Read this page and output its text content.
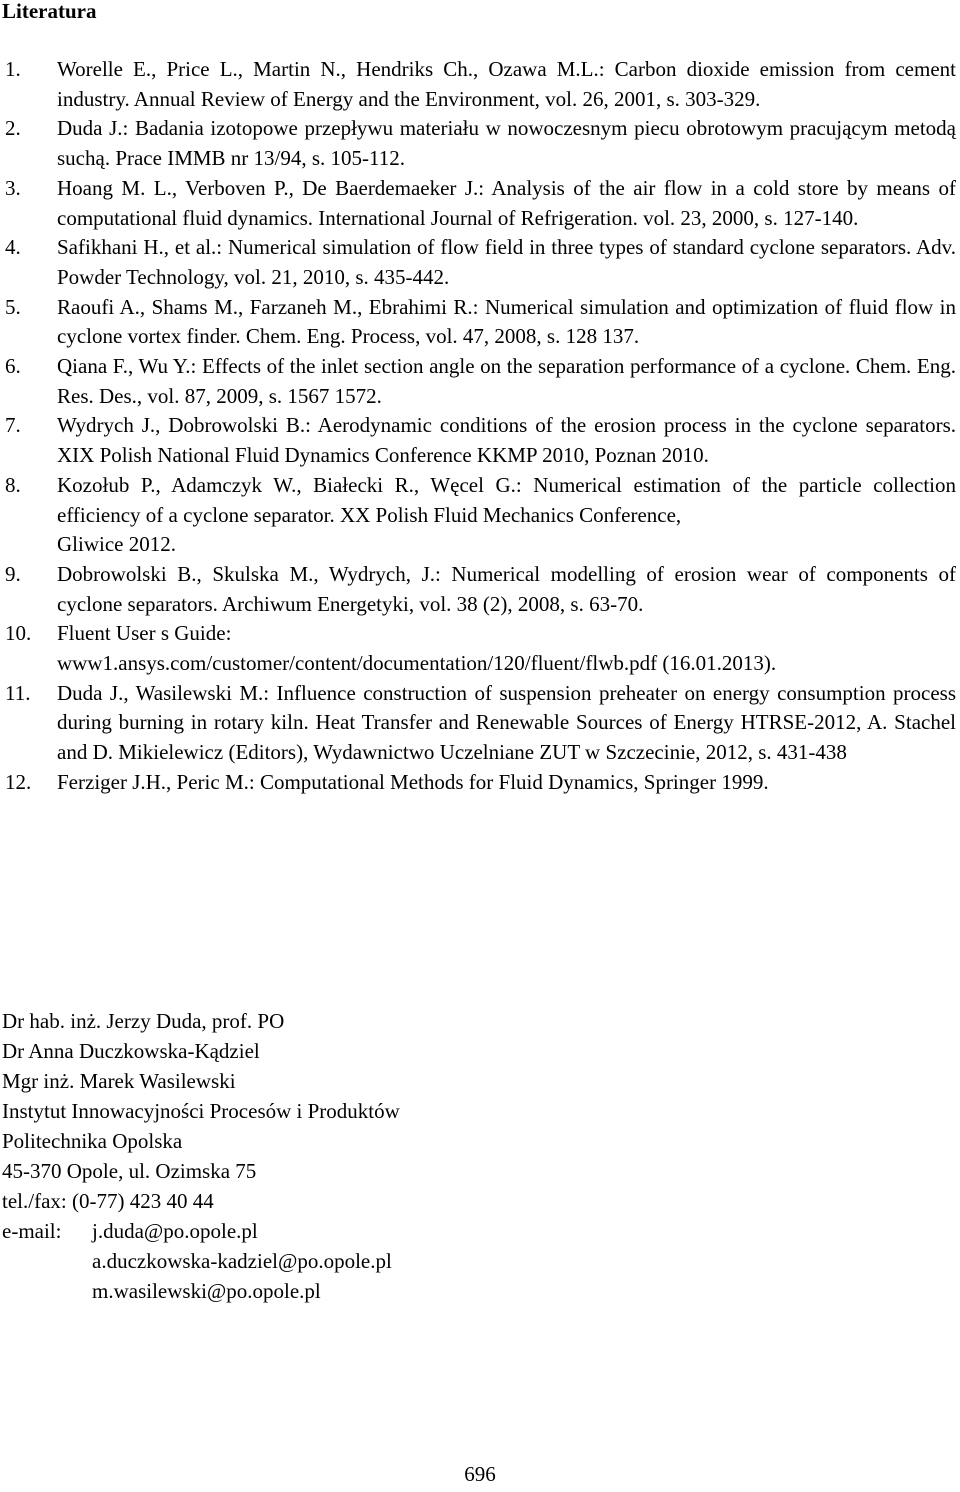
Literatura
1. Worelle E., Price L., Martin N., Hendriks Ch., Ozawa M.L.: Carbon dioxide emission from cement industry. Annual Review of Energy and the Environment, vol. 26, 2001, s. 303-329.
2. Duda J.: Badania izotopowe przepływu materiału w nowoczesnym piecu obrotowym pracującym metodą suchą. Prace IMMB nr 13/94, s. 105-112.
3. Hoang M. L., Verboven P., De Baerdemaeker J.: Analysis of the air flow in a cold store by means of computational fluid dynamics. International Journal of Refrigeration. vol. 23, 2000, s. 127-140.
4. Safikhani H., et al.: Numerical simulation of flow field in three types of standard cyclone separators. Adv. Powder Technology, vol. 21, 2010, s. 435-442.
5. Raoufi A., Shams M., Farzaneh M., Ebrahimi R.: Numerical simulation and optimization of fluid flow in cyclone vortex finder. Chem. Eng. Process, vol. 47, 2008, s. 128 137.
6. Qiana F., Wu Y.: Effects of the inlet section angle on the separation performance of a cyclone. Chem. Eng. Res. Des., vol. 87, 2009, s. 1567 1572.
7. Wydrych J., Dobrowolski B.: Aerodynamic conditions of the erosion process in the cyclone separators. XIX Polish National Fluid Dynamics Conference KKMP 2010, Poznan 2010.
8. Kozołub P., Adamczyk W., Białecki R., Węcel G.: Numerical estimation of the particle collection efficiency of a cyclone separator. XX Polish Fluid Mechanics Conference,
Gliwice 2012.
9. Dobrowolski B., Skulska M., Wydrych, J.: Numerical modelling of erosion wear of components of cyclone separators. Archiwum Energetyki, vol. 38 (2), 2008, s. 63-70.
10. Fluent User s Guide:
www1.ansys.com/customer/content/documentation/120/fluent/flwb.pdf (16.01.2013).
11. Duda J., Wasilewski M.: Influence construction of suspension preheater on energy consumption process during burning in rotary kiln. Heat Transfer and Renewable Sources of Energy HTRSE-2012, A. Stachel and D. Mikielewicz (Editors), Wydawnictwo Uczelniane ZUT w Szczecinie, 2012, s. 431-438
12. Ferziger J.H., Peric M.: Computational Methods for Fluid Dynamics, Springer 1999.
Dr hab. inż. Jerzy Duda, prof. PO
Dr Anna Duczkowska-Kądziel
Mgr inż. Marek Wasilewski
Instytut Innowacyjności Procesów i Produktów
Politechnika Opolska
45-370 Opole, ul. Ozimska 75
tel./fax: (0-77) 423 40 44
e-mail: j.duda@po.opole.pl
a.duczkowska-kadziel@po.opole.pl
m.wasilewski@po.opole.pl
696
